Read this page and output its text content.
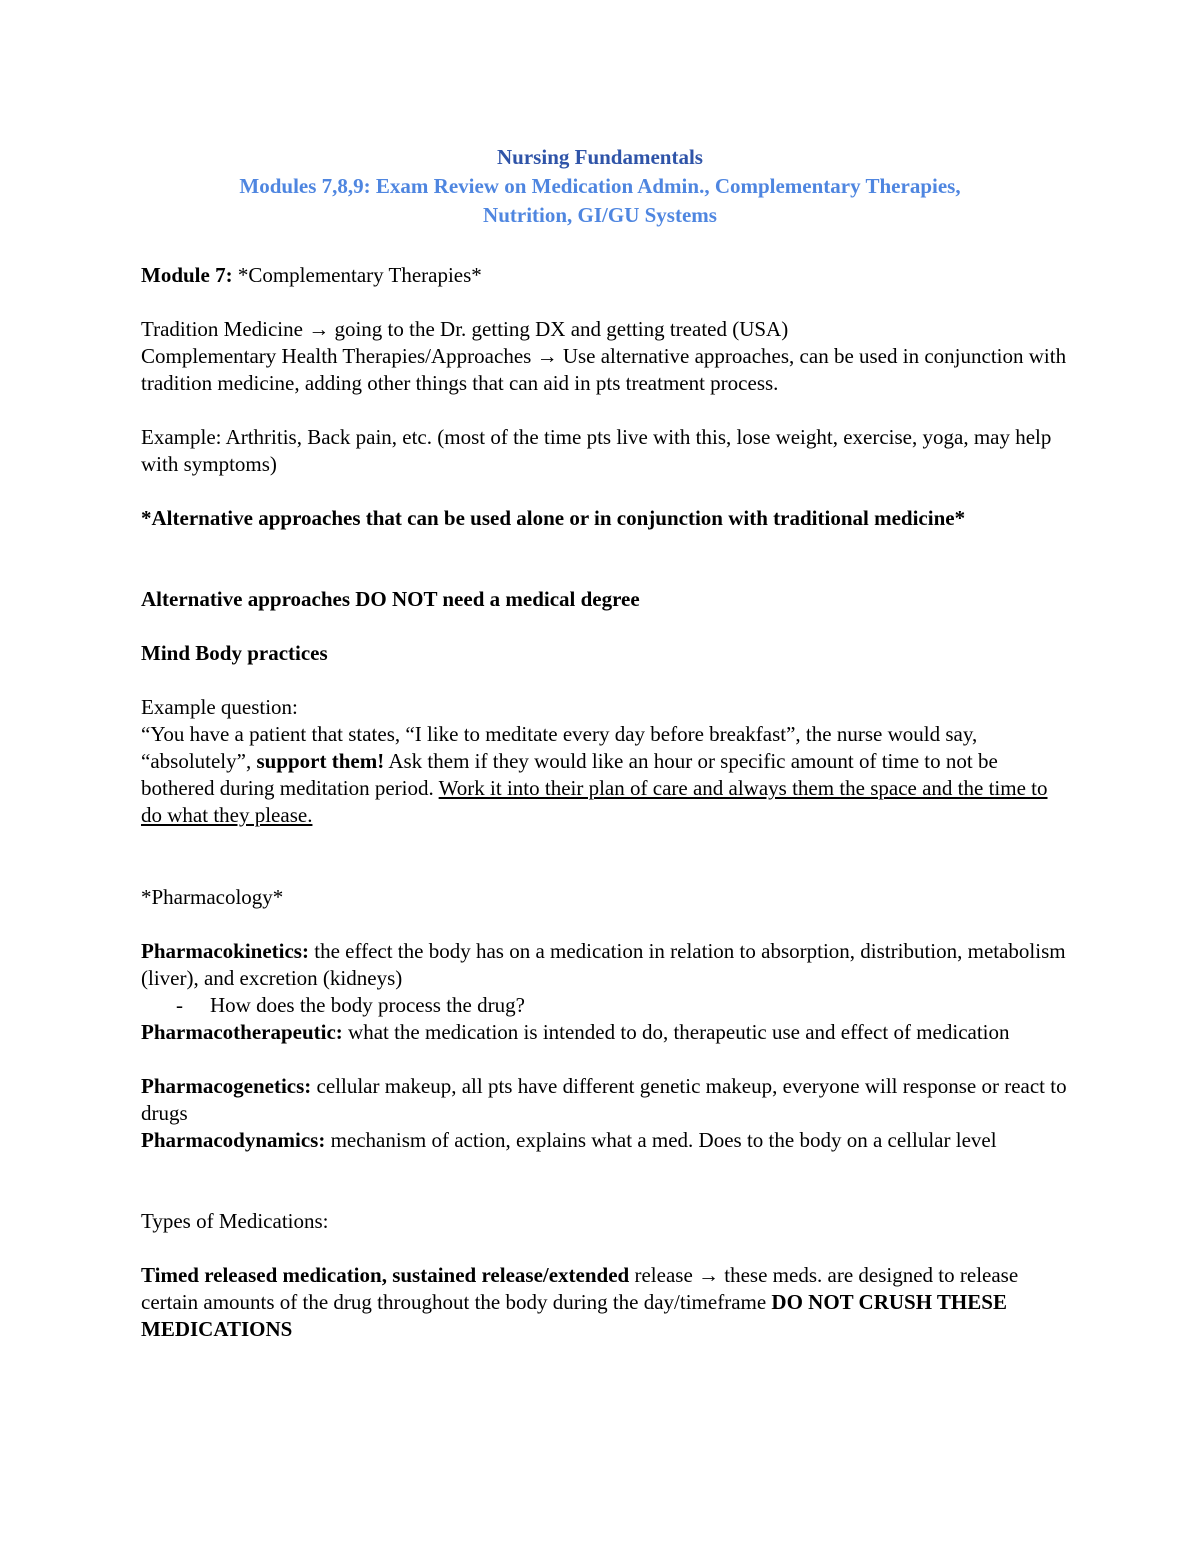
Nursing Fundamentals
Modules 7,8,9: Exam Review on Medication Admin., Complementary Therapies,
Nutrition, GI/GU Systems

Module 7: *Complementary Therapies*

Tradition Medicine → going to the Dr. getting DX and getting treated (USA)
Complementary Health Therapies/Approaches → Use alternative approaches, can be used in conjunction with tradition medicine, adding other things that can aid in pts treatment process.

Example: Arthritis, Back pain, etc. (most of the time pts live with this, lose weight, exercise, yoga, may help with symptoms)

*Alternative approaches that can be used alone or in conjunction with traditional medicine*

Alternative approaches DO NOT need a medical degree

Mind Body practices

Example question:
“You have a patient that states, “I like to meditate every day before breakfast”, the nurse would say, “absolutely”, support them! Ask them if they would like an hour or specific amount of time to not be bothered during meditation period. Work it into their plan of care and always them the space and the time to do what they please.

*Pharmacology*

Pharmacokinetics: the effect the body has on a medication in relation to absorption, distribution, metabolism (liver), and excretion (kidneys)

- How does the body process the drug?

Pharmacotherapeutic: what the medication is intended to do, therapeutic use and effect of medication

Pharmacogenetics: cellular makeup, all pts have different genetic makeup, everyone will response or react to drugs

Pharmacodynamics: mechanism of action, explains what a med. Does to the body on a cellular level

Types of Medications:

Timed released medication, sustained release/extended release → these meds. are designed to release certain amounts of the drug throughout the body during the day/timeframe DO NOT CRUSH THESE MEDICATIONS
